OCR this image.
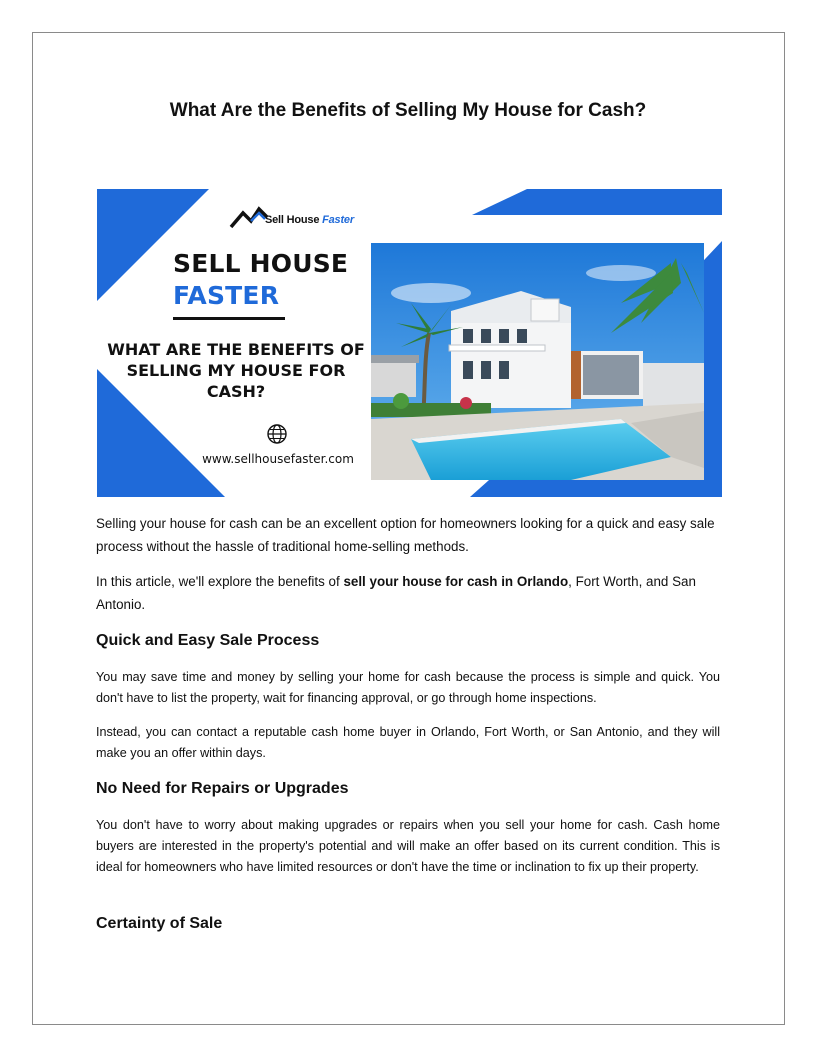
What Are the Benefits of Selling My House for Cash?
Sell House Faster
SELL HOUSE
FASTER
WHAT ARE THE BENEFITS OF SELLING MY HOUSE FOR CASH?
www.sellhousefaster.com

Selling your house for cash can be an excellent option for homeowners looking for a quick and easy sale process without the hassle of traditional home-selling methods.

In this article, we'll explore the benefits of sell your house for cash in Orlando, Fort Worth, and San Antonio.

Quick and Easy Sale Process

You may save time and money by selling your home for cash because the process is simple and quick. You don't have to list the property, wait for financing approval, or go through home inspections.

Instead, you can contact a reputable cash home buyer in Orlando, Fort Worth, or San Antonio, and they will make you an offer within days.

No Need for Repairs or Upgrades

You don't have to worry about making upgrades or repairs when you sell your home for cash. Cash home buyers are interested in the property's potential and will make an offer based on its current condition. This is ideal for homeowners who have limited resources or don't have the time or inclination to fix up their property.

Certainty of Sale
